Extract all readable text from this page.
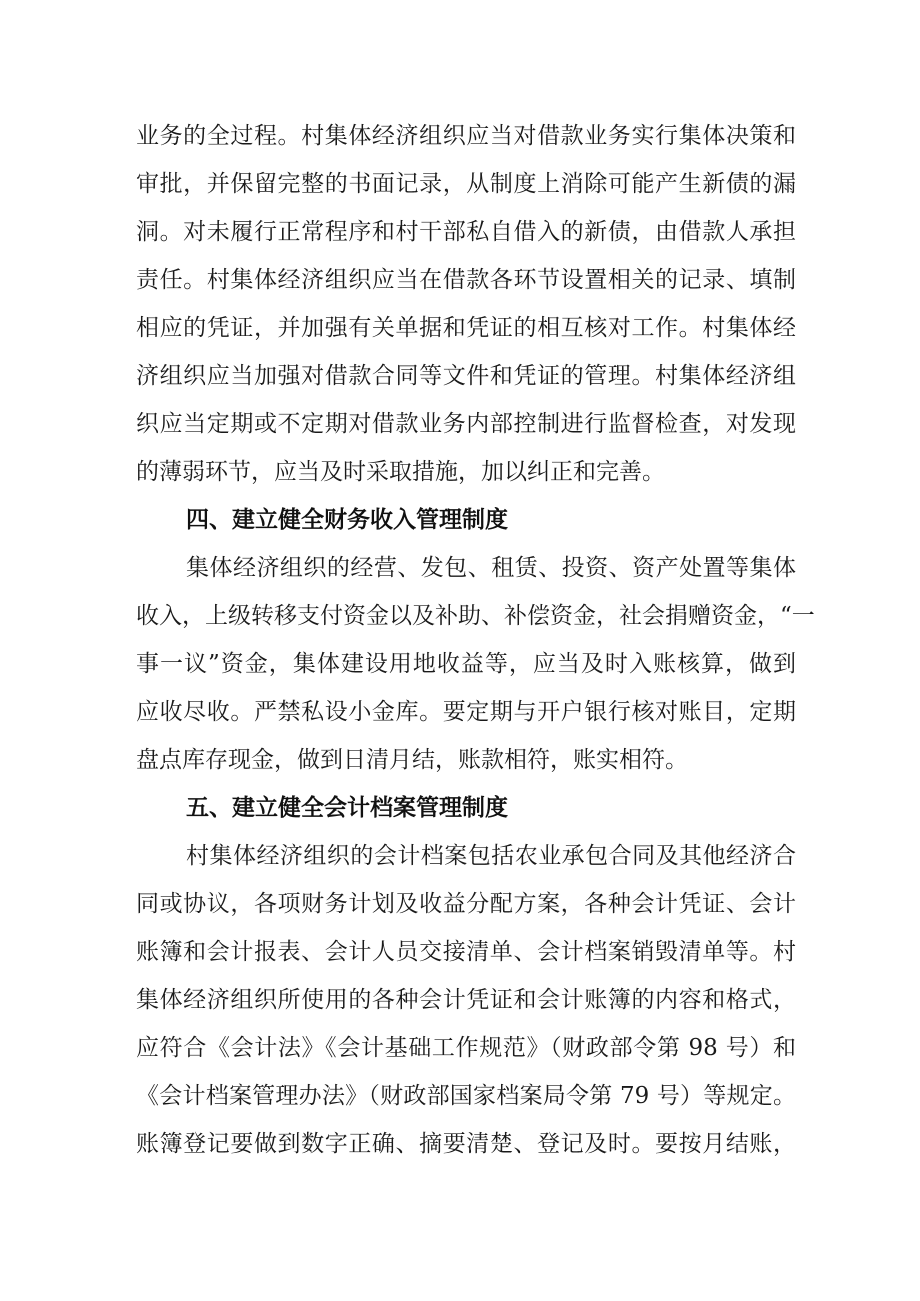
业务的全过程。村集体经济组织应当对借款业务实行集体决策和
审批，并保留完整的书面记录，从制度上消除可能产生新债的漏
洞。对未履行正常程序和村干部私自借入的新债，由借款人承担
责任。村集体经济组织应当在借款各环节设置相关的记录、填制
相应的凭证，并加强有关单据和凭证的相互核对工作。村集体经
济组织应当加强对借款合同等文件和凭证的管理。村集体经济组
织应当定期或不定期对借款业务内部控制进行监督检查，对发现
的薄弱环节，应当及时采取措施，加以纠正和完善。
四、建立健全财务收入管理制度
集体经济组织的经营、发包、租赁、投资、资产处置等集体
收入，上级转移支付资金以及补助、补偿资金，社会捐赠资金，“一
事一议”资金，集体建设用地收益等，应当及时入账核算，做到
应收尽收。严禁私设小金库。要定期与开户银行核对账目，定期
盘点库存现金，做到日清月结，账款相符，账实相符。
五、建立健全会计档案管理制度
村集体经济组织的会计档案包括农业承包合同及其他经济合
同或协议，各项财务计划及收益分配方案，各种会计凭证、会计
账簿和会计报表、会计人员交接清单、会计档案销毁清单等。村
集体经济组织所使用的各种会计凭证和会计账簿的内容和格式，
应符合《会计法》《会计基础工作规范》（财政部令第 98 号）和
《会计档案管理办法》（财政部国家档案局令第 79 号）等规定。
账簿登记要做到数字正确、摘要清楚、登记及时。要按月结账，
